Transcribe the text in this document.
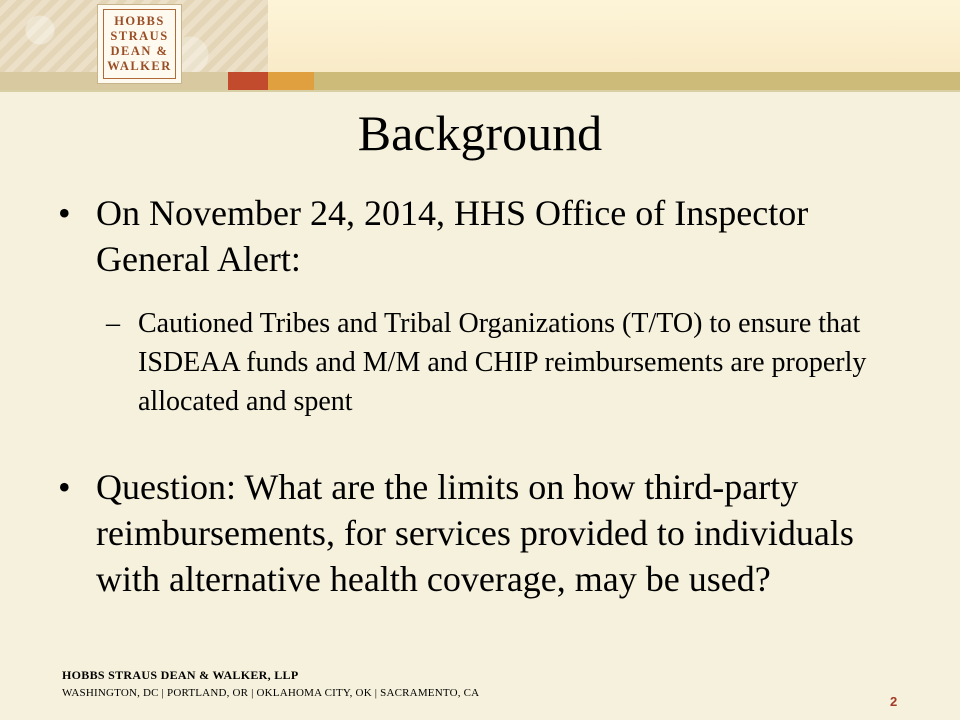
HOBBS
STRAUS
DEAN &
WALKER
Background
• On November 24, 2014, HHS Office of Inspector General Alert:
– Cautioned Tribes and Tribal Organizations (T/TO) to ensure that ISDEAA funds and M/M and CHIP reimbursements are properly allocated and spent
• Question: What are the limits on how third-party reimbursements, for services provided to individuals with alternative health coverage, may be used?
HOBBS STRAUS DEAN & WALKER, LLP
WASHINGTON, DC | PORTLAND, OR | OKLAHOMA CITY, OK | SACRAMENTO, CA
2
